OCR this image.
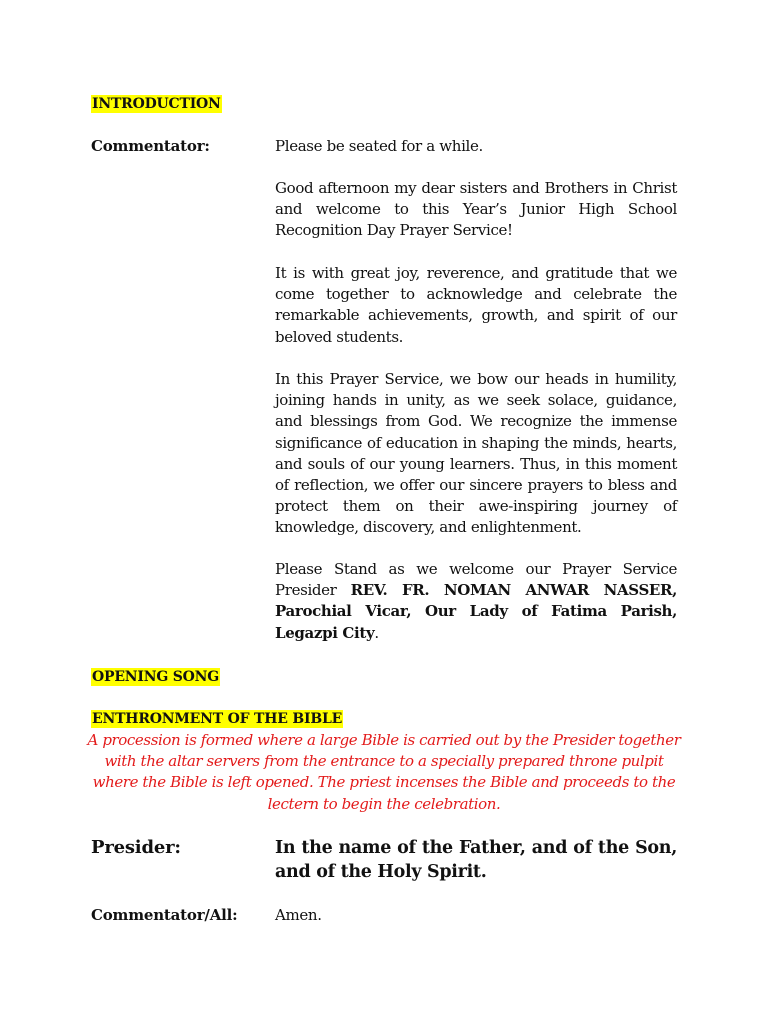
INTRODUCTION
Commentator:	Please be seated for a while.
Good afternoon my dear sisters and Brothers in Christ and welcome to this Year’s Junior High School Recognition Day Prayer Service!
It is with great joy, reverence, and gratitude that we come together to acknowledge and celebrate the remarkable achievements, growth, and spirit of our beloved students.
In this Prayer Service, we bow our heads in humility, joining hands in unity, as we seek solace, guidance, and blessings from God. We recognize the immense significance of education in shaping the minds, hearts, and souls of our young learners. Thus, in this moment of reflection, we offer our sincere prayers to bless and protect them on their awe-inspiring journey of knowledge, discovery, and enlightenment.
Please Stand as we welcome our Prayer Service Presider REV. FR. NOMAN ANWAR NASSER, Parochial Vicar, Our Lady of Fatima Parish, Legazpi City.
OPENING SONG
ENTHRONMENT OF THE BIBLE
A procession is formed where a large Bible is carried out by the Presider together with the altar servers from the entrance to a specially prepared throne pulpit where the Bible is left opened. The priest incenses the Bible and proceeds to the lectern to begin the celebration.
Presider:	In the name of the Father, and of the Son, and of the Holy Spirit.
Commentator/All:	Amen.
